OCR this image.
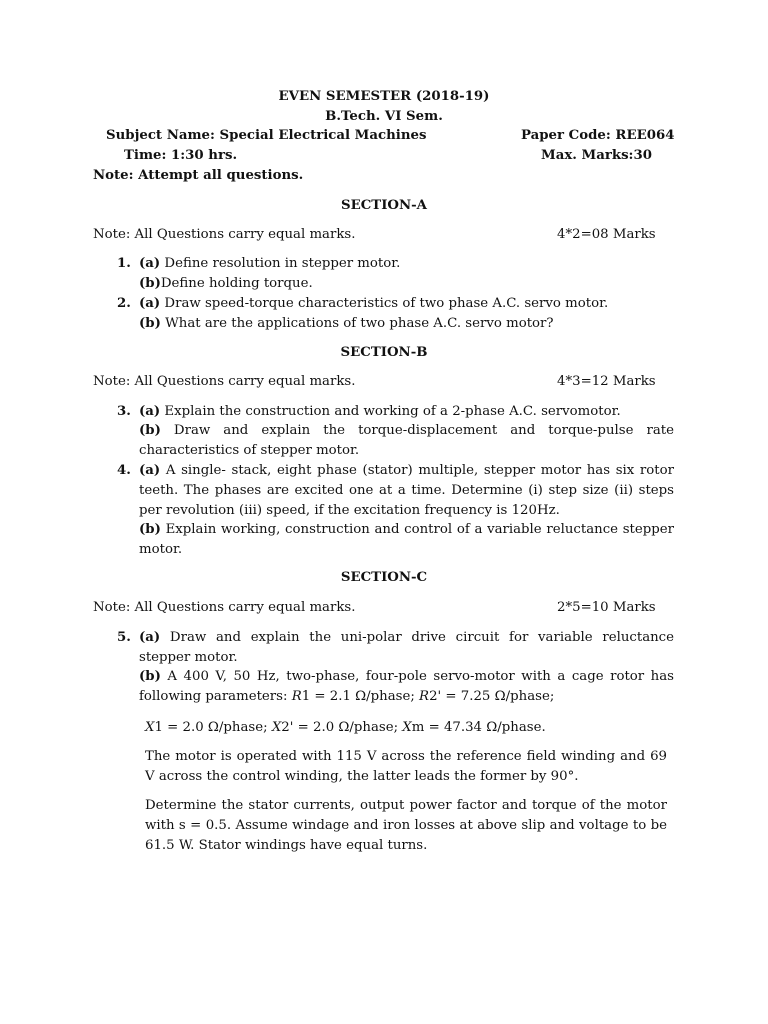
EVEN SEMESTER (2018-19)
B.Tech. VI Sem.
Subject Name: Special Electrical Machines	Paper Code: REE064
Time: 1:30 hrs.	Max. Marks:30
Note: Attempt all questions.
SECTION-A
Note: All Questions carry equal marks.	4*2=08 Marks
1. (a) Define resolution in stepper motor.
(b)Define holding torque.
2. (a) Draw speed-torque characteristics of two phase A.C. servo motor.
(b) What are the applications of two phase A.C. servo motor?
SECTION-B
Note: All Questions carry equal marks.	4*3=12 Marks
3. (a) Explain the construction and working of a 2-phase A.C. servomotor.
(b) Draw and explain the torque-displacement and torque-pulse rate characteristics of stepper motor.
4. (a) A single- stack, eight phase (stator) multiple, stepper motor has six rotor teeth. The phases are excited one at a time. Determine (i) step size (ii) steps per revolution (iii) speed, if the excitation frequency is 120Hz.
(b) Explain working, construction and control of a variable reluctance stepper motor.
SECTION-C
Note: All Questions carry equal marks.	2*5=10 Marks
5. (a) Draw and explain the uni-polar drive circuit for variable reluctance stepper motor.
(b) A 400 V, 50 Hz, two-phase, four-pole servo-motor with a cage rotor has following parameters: R1 = 2.1 Ω/phase; R2' = 7.25 Ω/phase;
X1 = 2.0 Ω/phase; X2' = 2.0 Ω/phase; Xm = 47.34 Ω/phase.
The motor is operated with 115 V across the reference field winding and 69 V across the control winding, the latter leads the former by 90°.
Determine the stator currents, output power factor and torque of the motor with s = 0.5. Assume windage and iron losses at above slip and voltage to be 61.5 W. Stator windings have equal turns.
